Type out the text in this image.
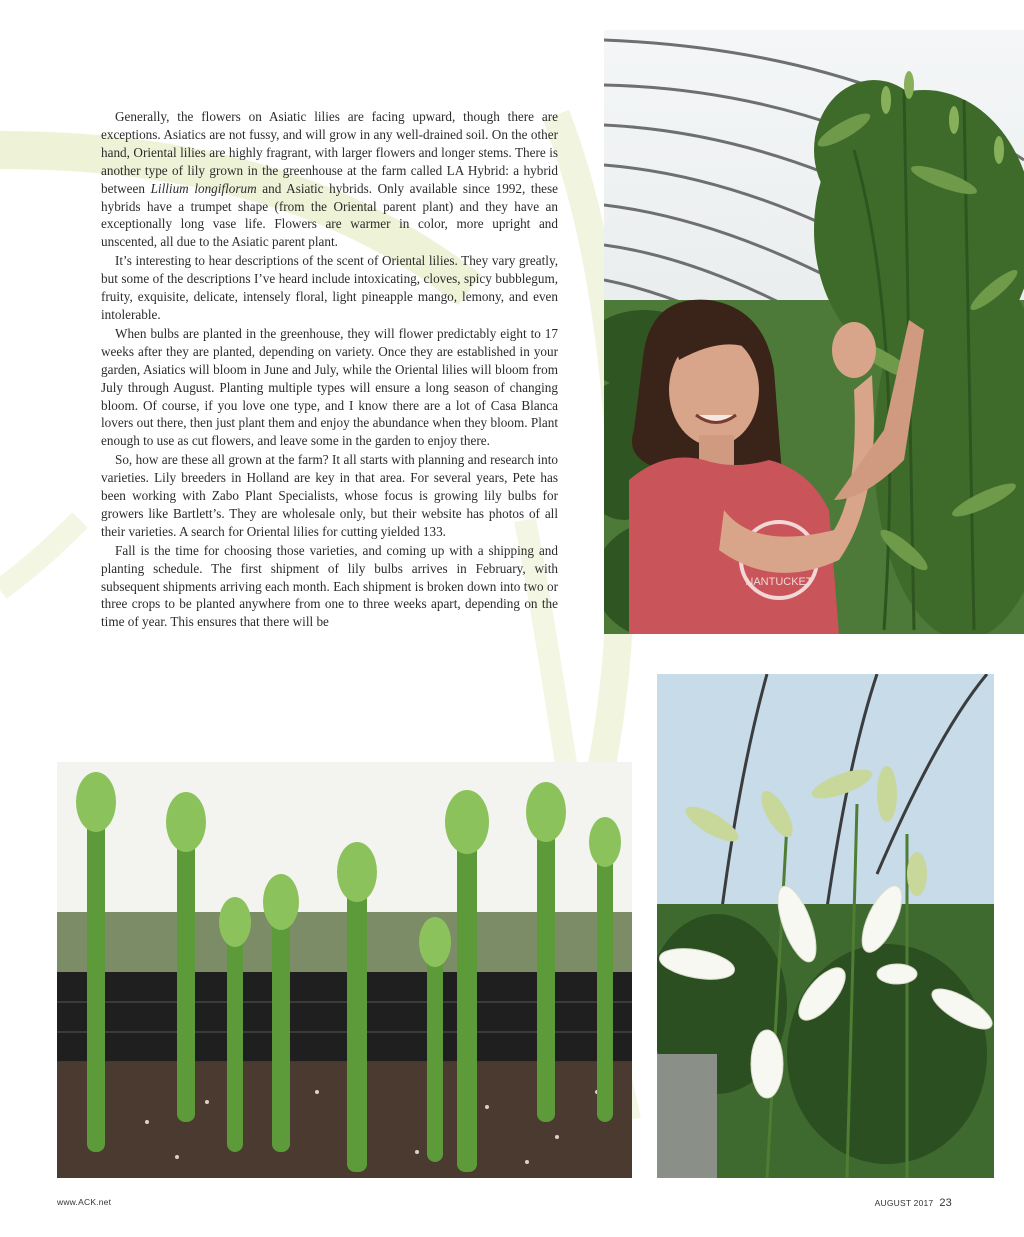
Generally, the flowers on Asiatic lilies are facing upward, though there are exceptions. Asiatics are not fussy, and will grow in any well-drained soil. On the other hand, Oriental lilies are highly fragrant, with larger flowers and longer stems. There is another type of lily grown in the greenhouse at the farm called LA Hybrid: a hybrid between Lillium longiflorum and Asiatic hybrids. Only available since 1992, these hybrids have a trumpet shape (from the Oriental parent plant) and they have an exceptionally long vase life. Flowers are warmer in color, more upright and unscented, all due to the Asiatic parent plant.

It’s interesting to hear descriptions of the scent of Oriental lilies. They vary greatly, but some of the descriptions I’ve heard include intoxicating, cloves, spicy bubblegum, fruity, exquisite, delicate, intensely floral, light pineapple mango, lemony, and even intolerable.

When bulbs are planted in the greenhouse, they will flower predictably eight to 17 weeks after they are planted, depending on variety. Once they are established in your garden, Asiatics will bloom in June and July, while the Oriental lilies will bloom from July through August. Planting multiple types will ensure a long season of changing bloom. Of course, if you love one type, and I know there are a lot of Casa Blanca lovers out there, then just plant them and enjoy the abundance when they bloom. Plant enough to use as cut flowers, and leave some in the garden to enjoy there.

So, how are these all grown at the farm? It all starts with planning and research into varieties. Lily breeders in Holland are key in that area. For several years, Pete has been working with Zabo Plant Specialists, whose focus is growing lily bulbs for growers like Bartlett’s. They are wholesale only, but their website has photos of all their varieties. A search for Oriental lilies for cutting yielded 133.

Fall is the time for choosing those varieties, and coming up with a shipping and planting schedule. The first shipment of lily bulbs arrives in February, with subsequent shipments arriving each month. Each shipment is broken down into two or three crops to be planted anywhere from one to three weeks apart, depending on the time of year. This ensures that there will be

NANTUCKET
www.ACK.net	AUGUST 2017 23
